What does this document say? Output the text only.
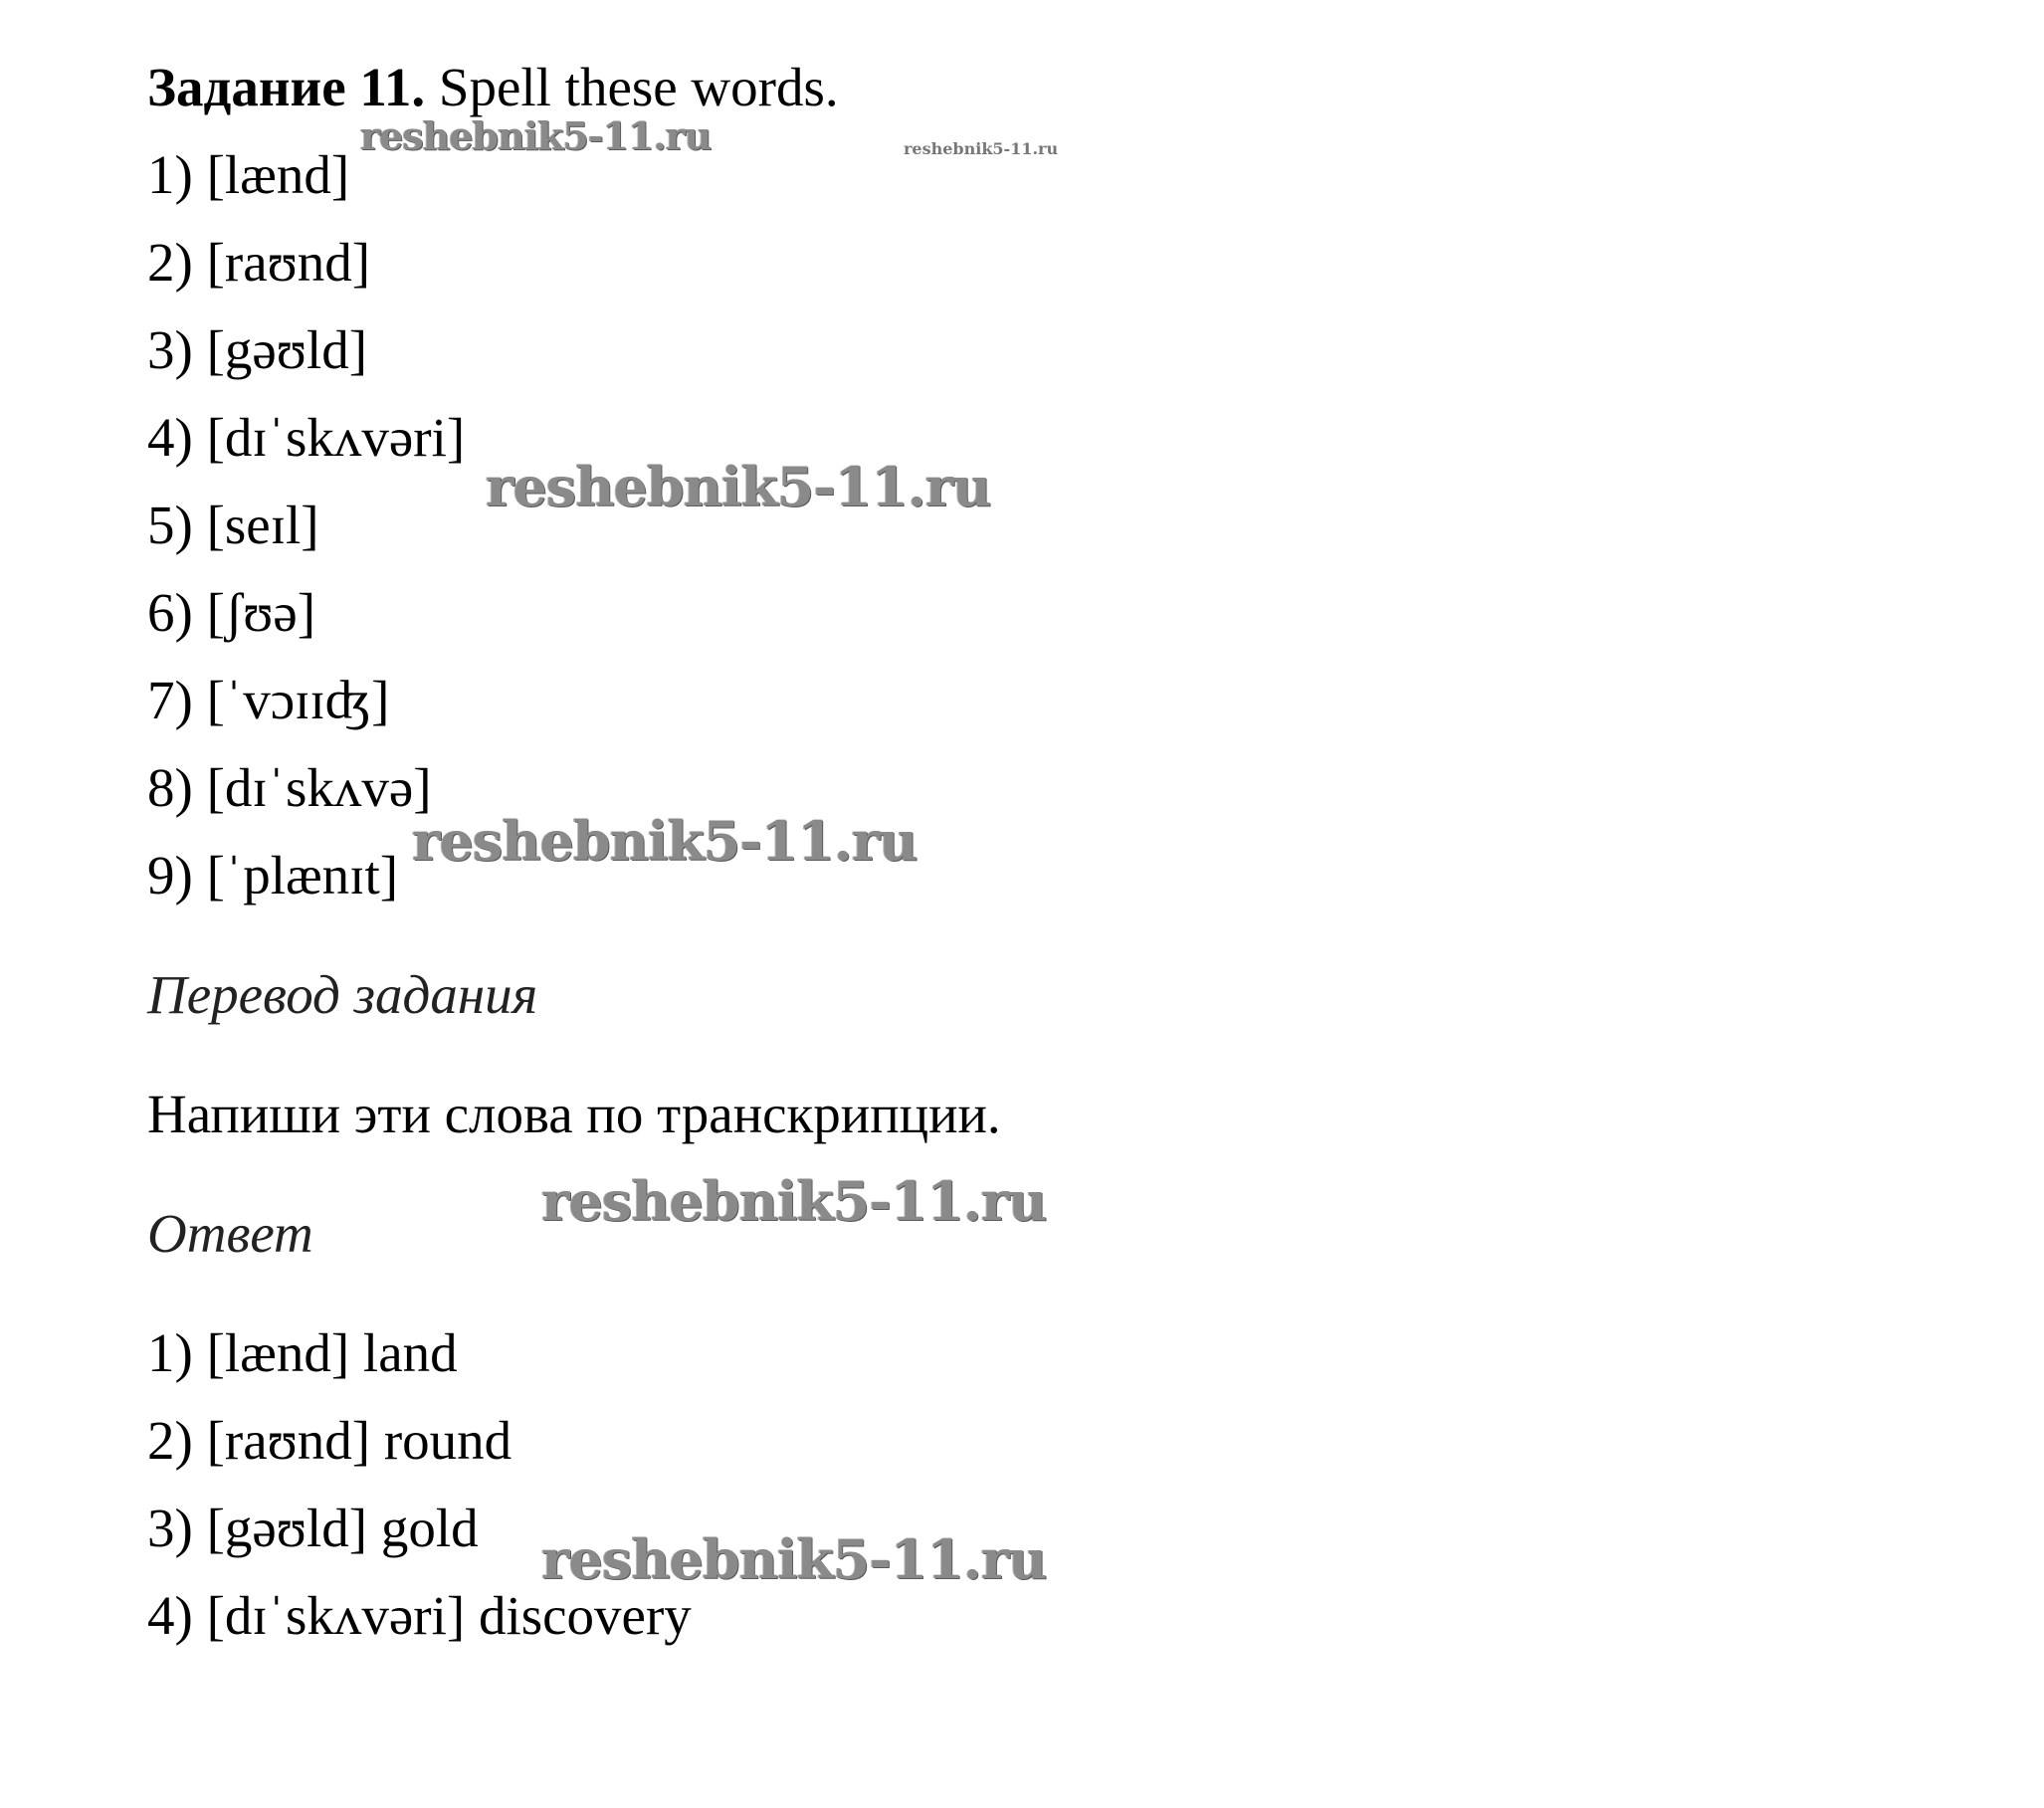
Задание 11. Spell these words.
1) [lænd]
2) [raʊnd]
3) [gəʊld]
4) [dɪˈskʌvəri]
5) [seɪl]
6) [ʃʊə]
7) [ˈvɔɪɪʤ]
8) [dɪˈskʌvə]
9) [ˈplænɪt]
Перевод задания
Напиши эти слова по транскрипции.
Ответ
1) [lænd] land
2) [raʊnd] round
3) [gəʊld] gold
4) [dɪˈskʌvəri] discovery
reshebnik5-11.ru	reshebnik5-11.ru
reshebnik5-11.ru
reshebnik5-11.ru
reshebnik5-11.ru
reshebnik5-11.ru
